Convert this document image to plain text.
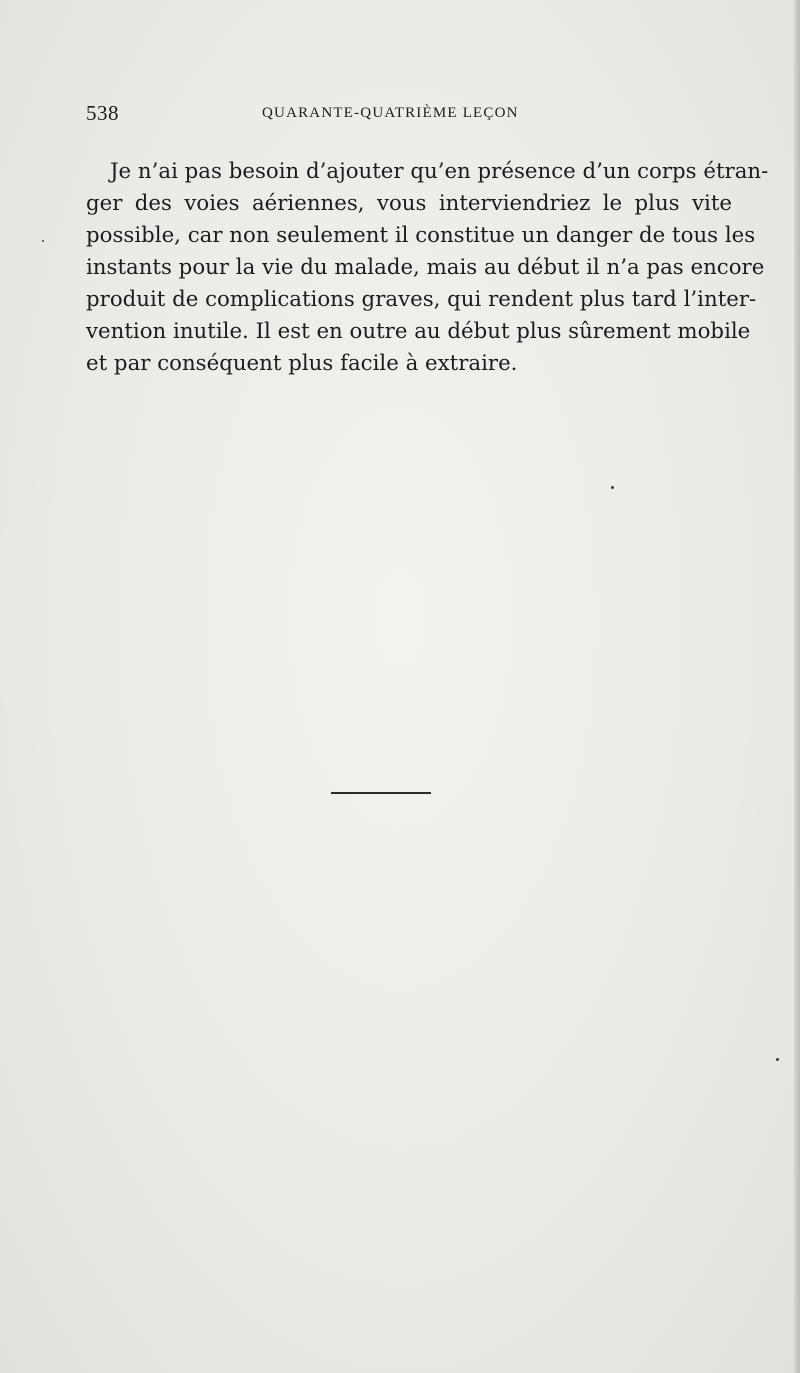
538	QUARANTE-QUATRIÈME LEÇON
Je n’ai pas besoin d’ajouter qu’en présence d’un corps étran-
ger des voies aériennes, vous interviendriez le plus vite
possible, car non seulement il constitue un danger de tous les
instants pour la vie du malade, mais au début il n’a pas encore
produit de complications graves, qui rendent plus tard l’inter-
vention inutile. Il est en outre au début plus sûrement mobile
et par conséquent plus facile à extraire.
